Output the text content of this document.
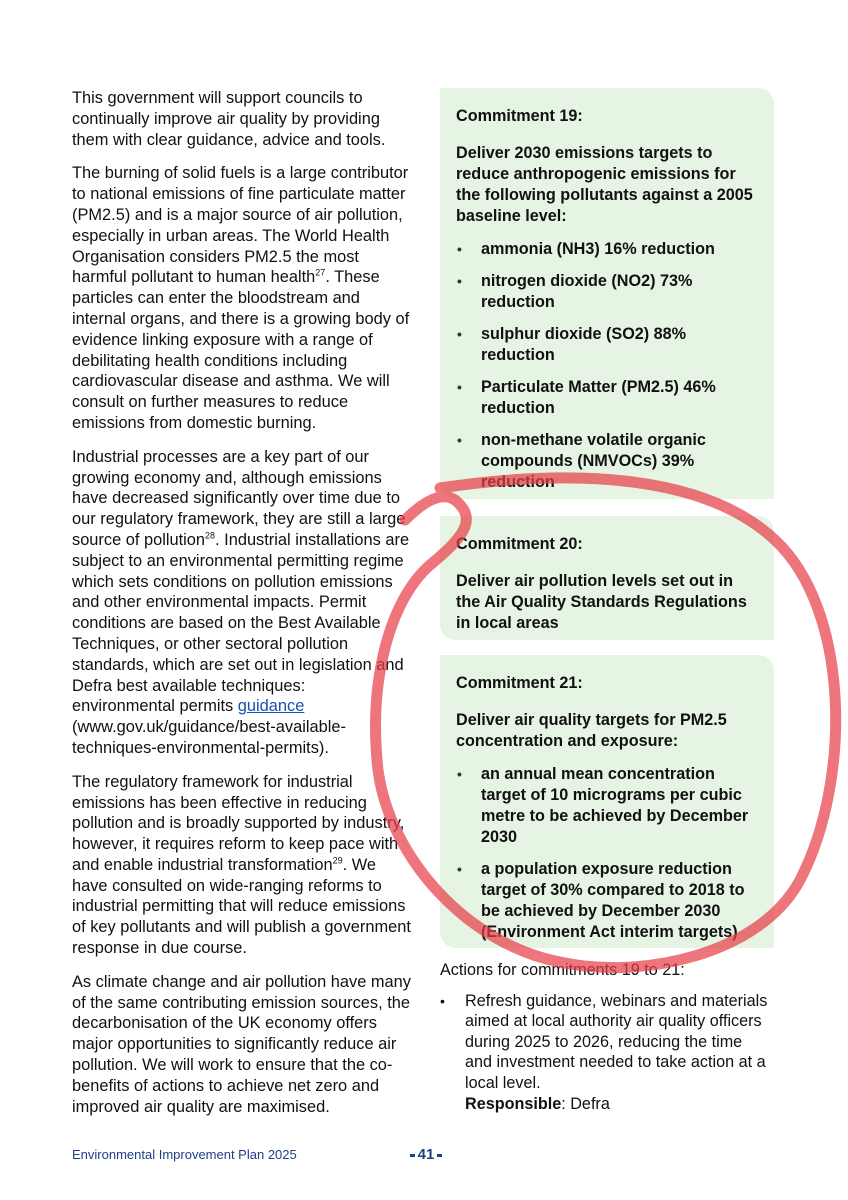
This government will support councils to continually improve air quality by providing them with clear guidance, advice and tools.

The burning of solid fuels is a large contributor to national emissions of fine particulate matter (PM2.5) and is a major source of air pollution, especially in urban areas. The World Health Organisation considers PM2.5 the most harmful pollutant to human health$^{27}$. These particles can enter the bloodstream and internal organs, and there is a growing body of evidence linking exposure with a range of debilitating health conditions including cardiovascular disease and asthma. We will consult on further measures to reduce emissions from domestic burning.

Industrial processes are a key part of our growing economy and, although emissions have decreased significantly over time due to our regulatory framework, they are still a large source of pollution$^{28}$. Industrial installations are subject to an environmental permitting regime which sets conditions on pollution emissions and other environmental impacts. Permit conditions are based on the Best Available Techniques, or other sectoral pollution standards, which are set out in legislation and Defra best available techniques: environmental permits guidance (www.gov.uk/guidance/best-available-techniques-environmental-permits).

The regulatory framework for industrial emissions has been effective in reducing pollution and is broadly supported by industry, however, it requires reform to keep pace with and enable industrial transformation$^{29}$. We have consulted on wide-ranging reforms to industrial permitting that will reduce emissions of key pollutants and will publish a government response in due course.

As climate change and air pollution have many of the same contributing emission sources, the decarbonisation of the UK economy offers major opportunities to significantly reduce air pollution. We will work to ensure that the co-benefits of actions to achieve net zero and improved air quality are maximised.

Commitment 19:
Deliver 2030 emissions targets to reduce anthropogenic emissions for the following pollutants against a 2005 baseline level:
• ammonia (NH3) 16% reduction
• nitrogen dioxide (NO2) 73% reduction
• sulphur dioxide (SO2) 88% reduction
• Particulate Matter (PM2.5) 46% reduction
• non-methane volatile organic compounds (NMVOCs) 39% reduction
Commitment 20:
Deliver air pollution levels set out in the Air Quality Standards Regulations in local areas
Commitment 21:
Deliver air quality targets for PM2.5 concentration and exposure:
• an annual mean concentration target of 10 micrograms per cubic metre to be achieved by December 2030
• a population exposure reduction target of 30% compared to 2018 to be achieved by December 2030 (Environment Act interim targets)
Actions for commitments 19 to 21:
• Refresh guidance, webinars and materials aimed at local authority air quality officers during 2025 to 2026, reducing the time and investment needed to take action at a local level.
Responsible: Defra
Environmental Improvement Plan 2025	41
